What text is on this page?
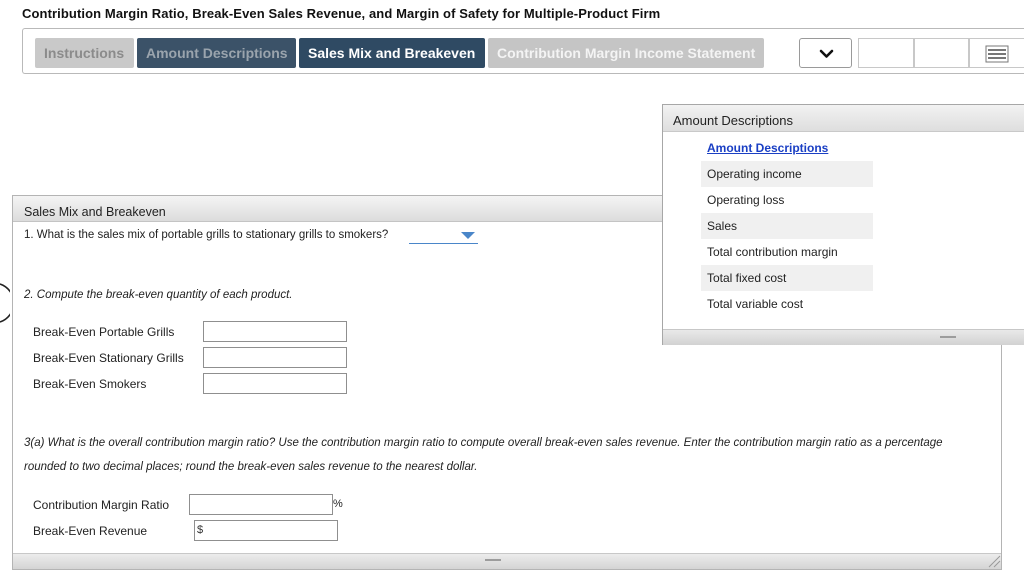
Contribution Margin Ratio, Break-Even Sales Revenue, and Margin of Safety for Multiple-Product Firm
Instructions	Amount Descriptions	Sales Mix and Breakeven	Contribution Margin Income Statement
Sales Mix and Breakeven
1. What is the sales mix of portable grills to stationary grills to smokers?
2. Compute the break-even quantity of each product.
Break-Even Portable Grills
Break-Even Stationary Grills
Break-Even Smokers
3(a) What is the overall contribution margin ratio? Use the contribution margin ratio to compute overall break-even sales revenue. Enter the contribution margin ratio as a percentage
rounded to two decimal places; round the break-even sales revenue to the nearest dollar.
Contribution Margin Ratio	%
Break-Even Revenue	$
Amount Descriptions
Amount Descriptions
Operating income
Operating loss
Sales
Total contribution margin
Total fixed cost
Total variable cost
